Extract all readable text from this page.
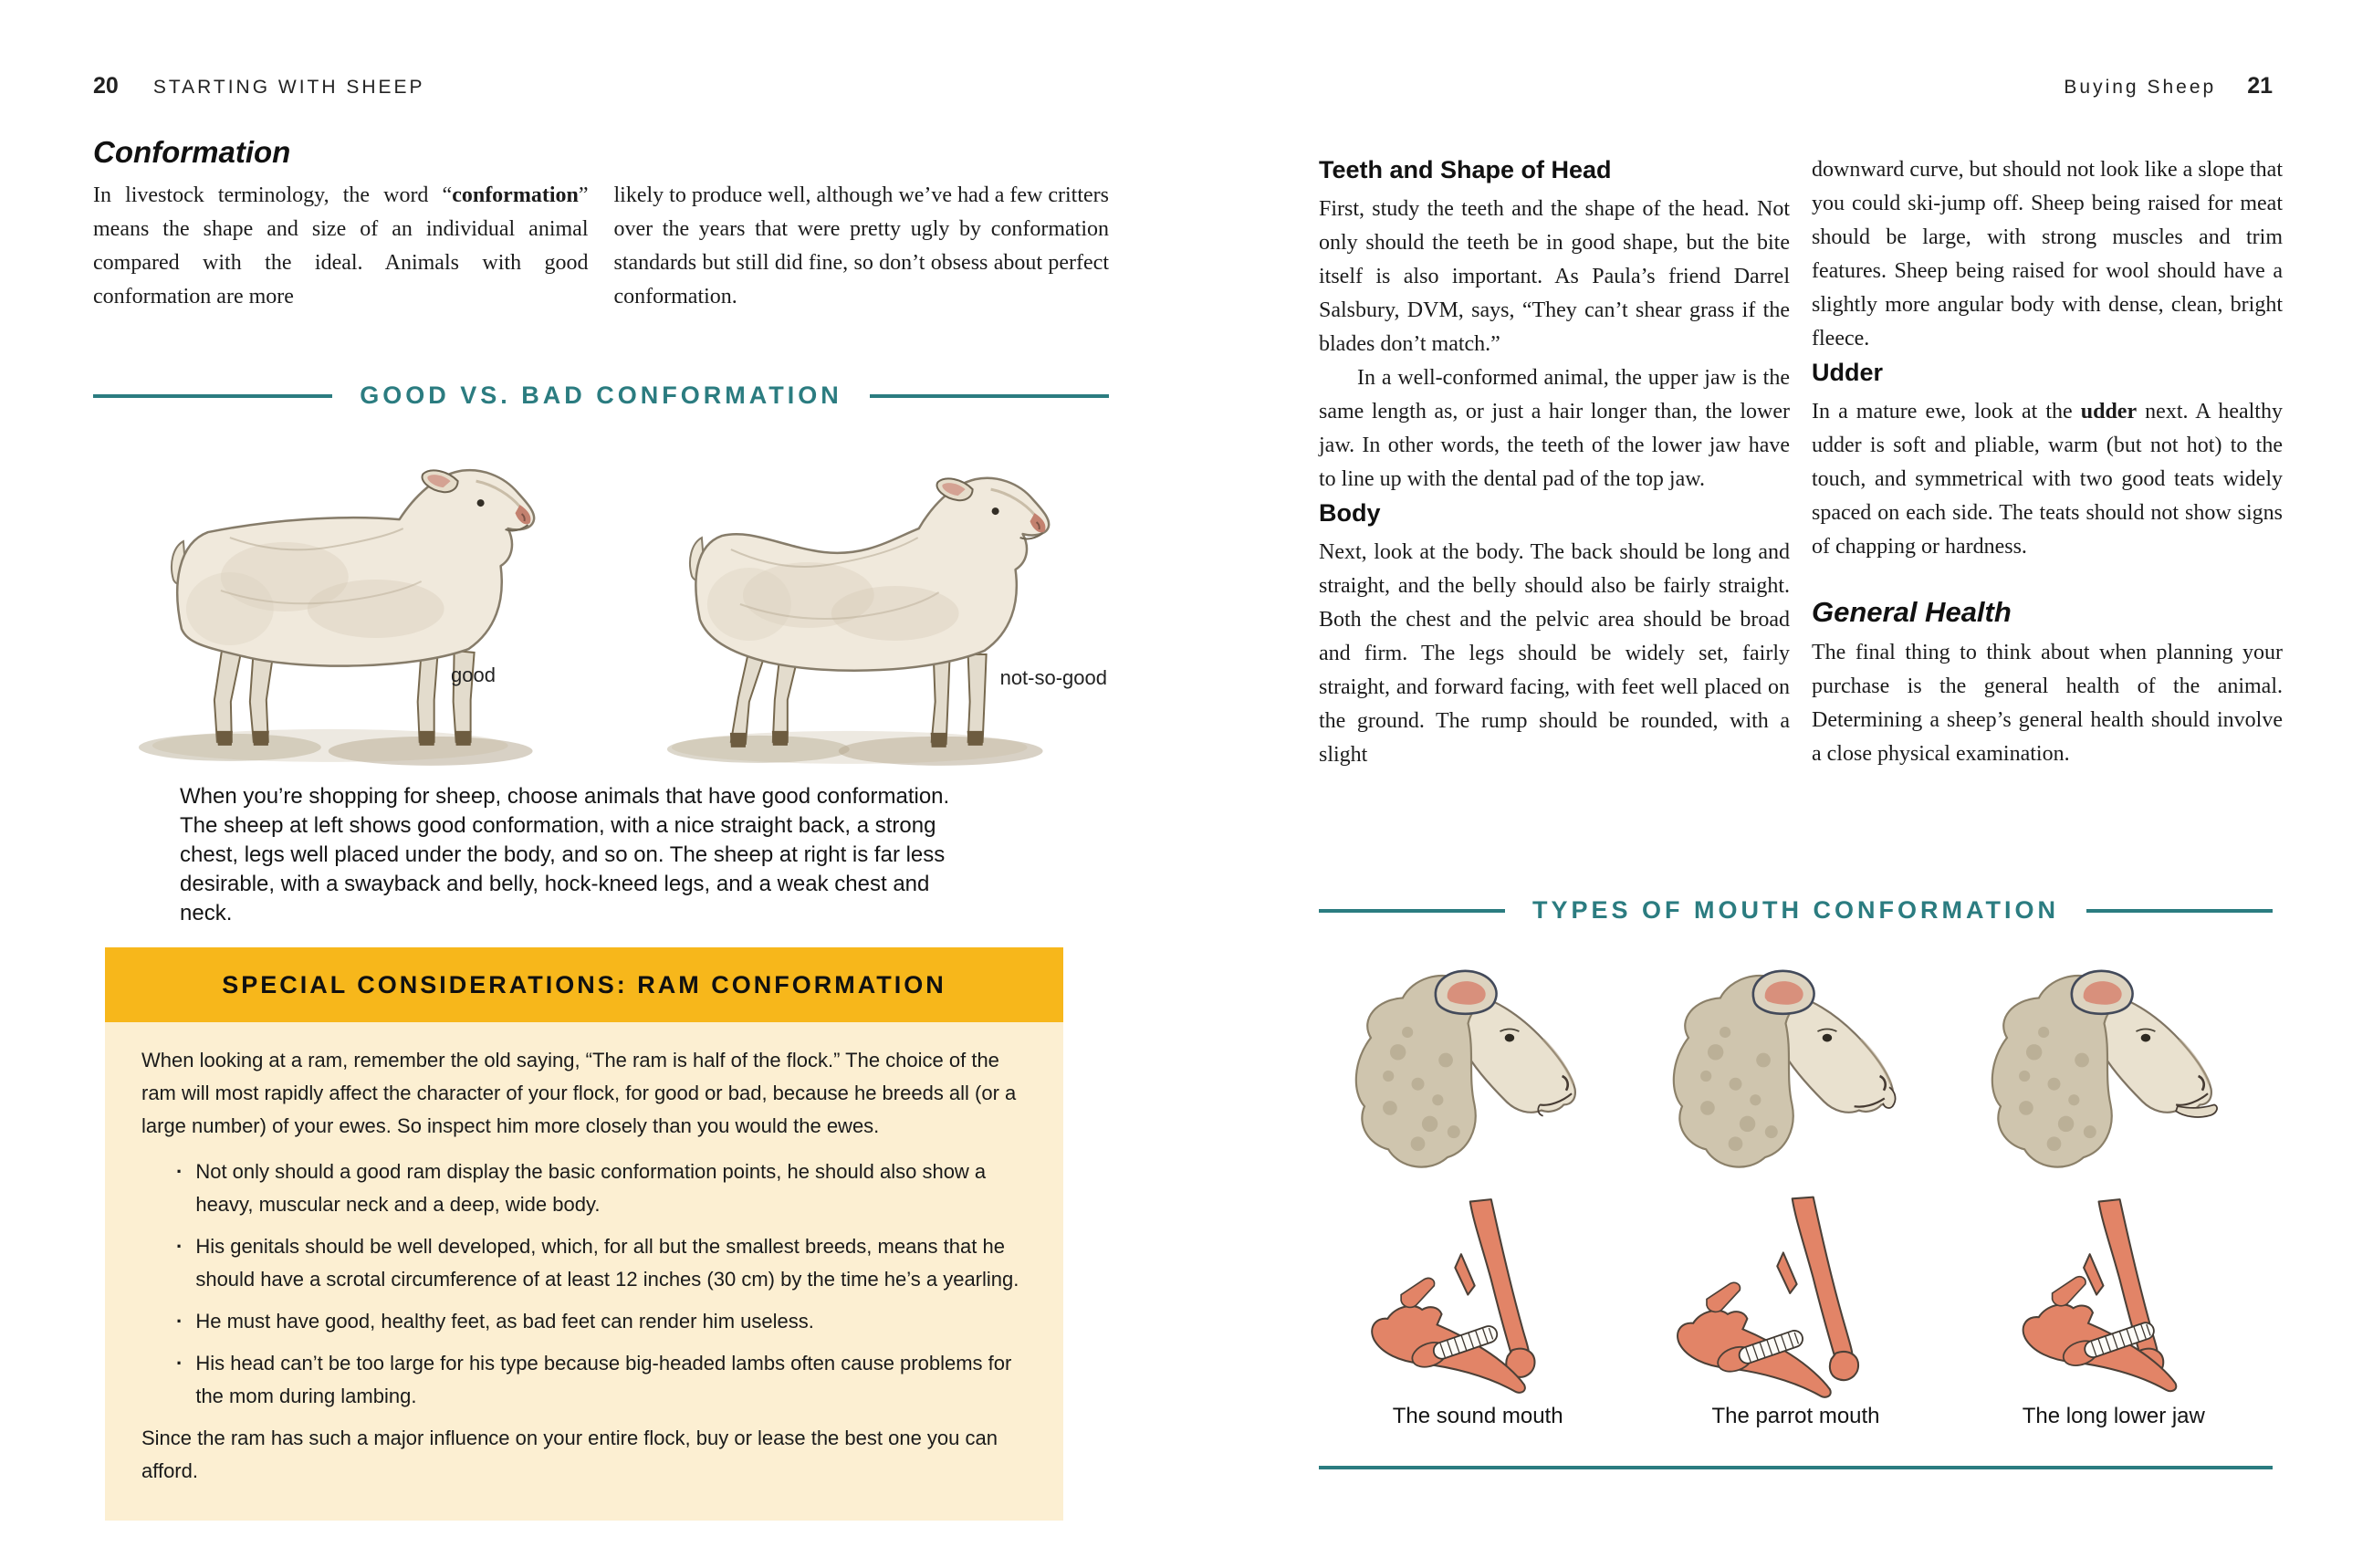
20 STARTING WITH SHEEP
Conformation

In livestock terminology, the word “conformation” means the shape and size of an individual animal compared with the ideal. Animals with good conformation are more

likely to produce well, although we’ve had a few critters over the years that were pretty ugly by conformation standards but still did fine, so don’t obsess about perfect conformation.

GOOD VS. BAD CONFORMATION
good	not-so-good
When you’re shopping for sheep, choose animals that have good conformation. The sheep at left shows good conformation, with a nice straight back, a strong chest, legs well placed under the body, and so on. The sheep at right is far less desirable, with a swayback and belly, hock-kneed legs, and a weak chest and neck.
SPECIAL CONSIDERATIONS: RAM CONFORMATION

When looking at a ram, remember the old saying, “The ram is half of the flock.” The choice of the ram will most rapidly affect the character of your flock, for good or bad, because he breeds all (or a large number) of your ewes. So inspect him more closely than you would the ewes.

· Not only should a good ram display the basic conformation points, he should also show a heavy, muscular neck and a deep, wide body.
· His genitals should be well developed, which, for all but the smallest breeds, means that he should have a scrotal circumference of at least 12 inches (30 cm) by the time he’s a yearling.
· He must have good, healthy feet, as bad feet can render him useless.
· His head can’t be too large for his type because big-headed lambs often cause problems for the mom during lambing.

Since the ram has such a major influence on your entire flock, buy or lease the best one you can afford.

Buying Sheep 21
Teeth and Shape of Head

First, study the teeth and the shape of the head. Not only should the teeth be in good shape, but the bite itself is also important. As Paula’s friend Darrel Salsbury, DVM, says, “They can’t shear grass if the blades don’t match.”

In a well-conformed animal, the upper jaw is the same length as, or just a hair longer than, the lower jaw. In other words, the teeth of the lower jaw have to line up with the dental pad of the top jaw.

Body

Next, look at the body. The back should be long and straight, and the belly should also be fairly straight. Both the chest and the pelvic area should be broad and firm. The legs should be widely set, fairly straight, and forward facing, with feet well placed on the ground. The rump should be rounded, with a slight

downward curve, but should not look like a slope that you could ski-jump off. Sheep being raised for meat should be large, with strong muscles and trim features. Sheep being raised for wool should have a slightly more angular body with dense, clean, bright fleece.

Udder

In a mature ewe, look at the udder next. A healthy udder is soft and pliable, warm (but not hot) to the touch, and symmetrical with two good teats widely spaced on each side. The teats should not show signs of chapping or hardness.

General Health

The final thing to think about when planning your purchase is the general health of the animal. Determining a sheep’s general health should involve a close physical examination.

TYPES OF MOUTH CONFORMATION
The sound mouth	The parrot mouth	The long lower jaw
